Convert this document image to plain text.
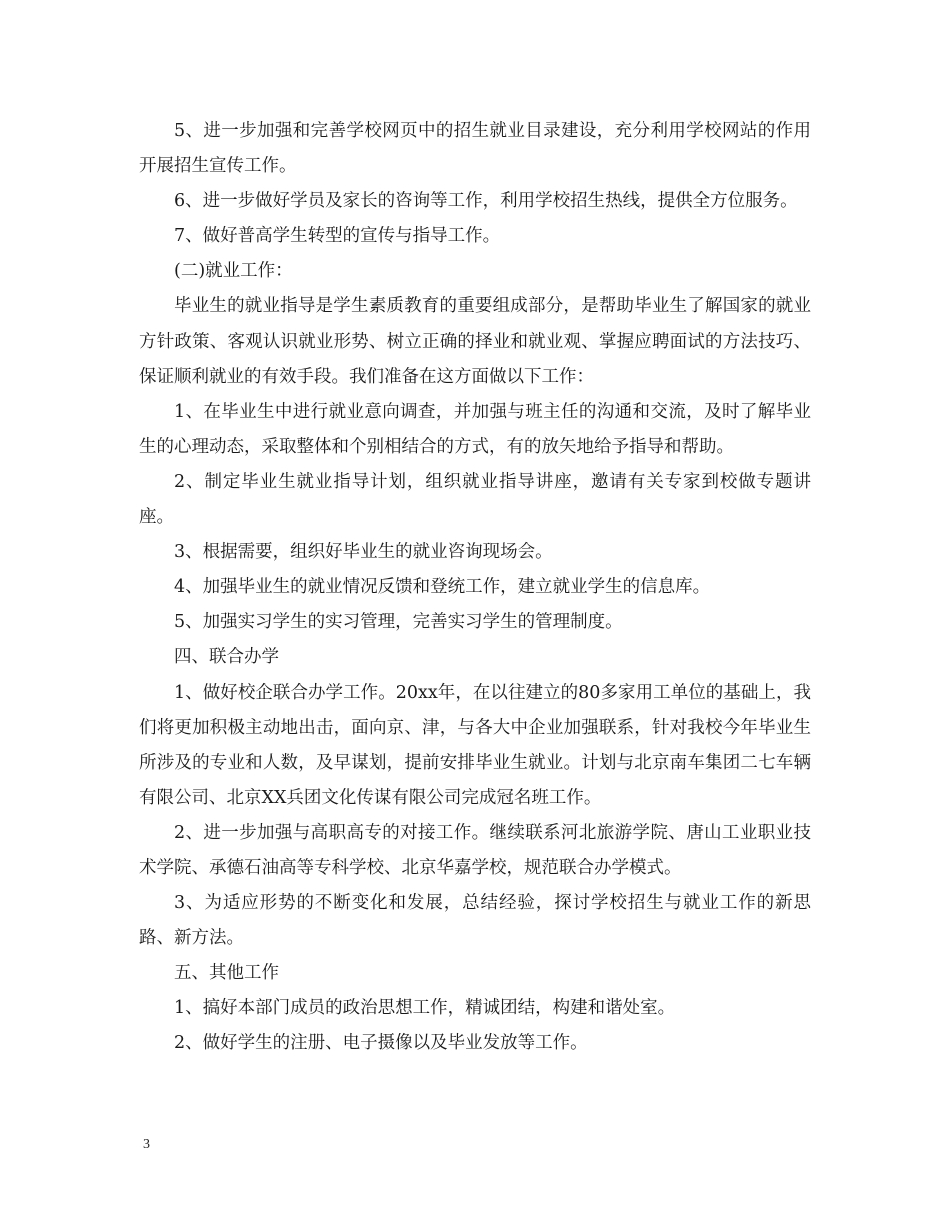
5、进一步加强和完善学校网页中的招生就业目录建设，充分利用学校网站的作用开展招生宣传工作。

6、进一步做好学员及家长的咨询等工作，利用学校招生热线，提供全方位服务。

7、做好普高学生转型的宣传与指导工作。

(二)就业工作：

毕业生的就业指导是学生素质教育的重要组成部分，是帮助毕业生了解国家的就业方针政策、客观认识就业形势、树立正确的择业和就业观、掌握应聘面试的方法技巧、保证顺利就业的有效手段。我们准备在这方面做以下工作：

1、在毕业生中进行就业意向调查，并加强与班主任的沟通和交流，及时了解毕业生的心理动态，采取整体和个别相结合的方式，有的放矢地给予指导和帮助。

2、制定毕业生就业指导计划，组织就业指导讲座，邀请有关专家到校做专题讲座。

3、根据需要，组织好毕业生的就业咨询现场会。

4、加强毕业生的就业情况反馈和登统工作，建立就业学生的信息库。

5、加强实习学生的实习管理，完善实习学生的管理制度。

四、联合办学

1、做好校企联合办学工作。20xx年，在以往建立的80多家用工单位的基础上，我们将更加积极主动地出击，面向京、津，与各大中企业加强联系，针对我校今年毕业生所涉及的专业和人数，及早谋划，提前安排毕业生就业。计划与北京南车集团二七车辆有限公司、北京XX兵团文化传谋有限公司完成冠名班工作。

2、进一步加强与高职高专的对接工作。继续联系河北旅游学院、唐山工业职业技术学院、承德石油高等专科学校、北京华嘉学校，规范联合办学模式。

3、为适应形势的不断变化和发展，总结经验，探讨学校招生与就业工作的新思路、新方法。

五、其他工作

1、搞好本部门成员的政治思想工作，精诚团结，构建和谐处室。

2、做好学生的注册、电子摄像以及毕业发放等工作。

3
